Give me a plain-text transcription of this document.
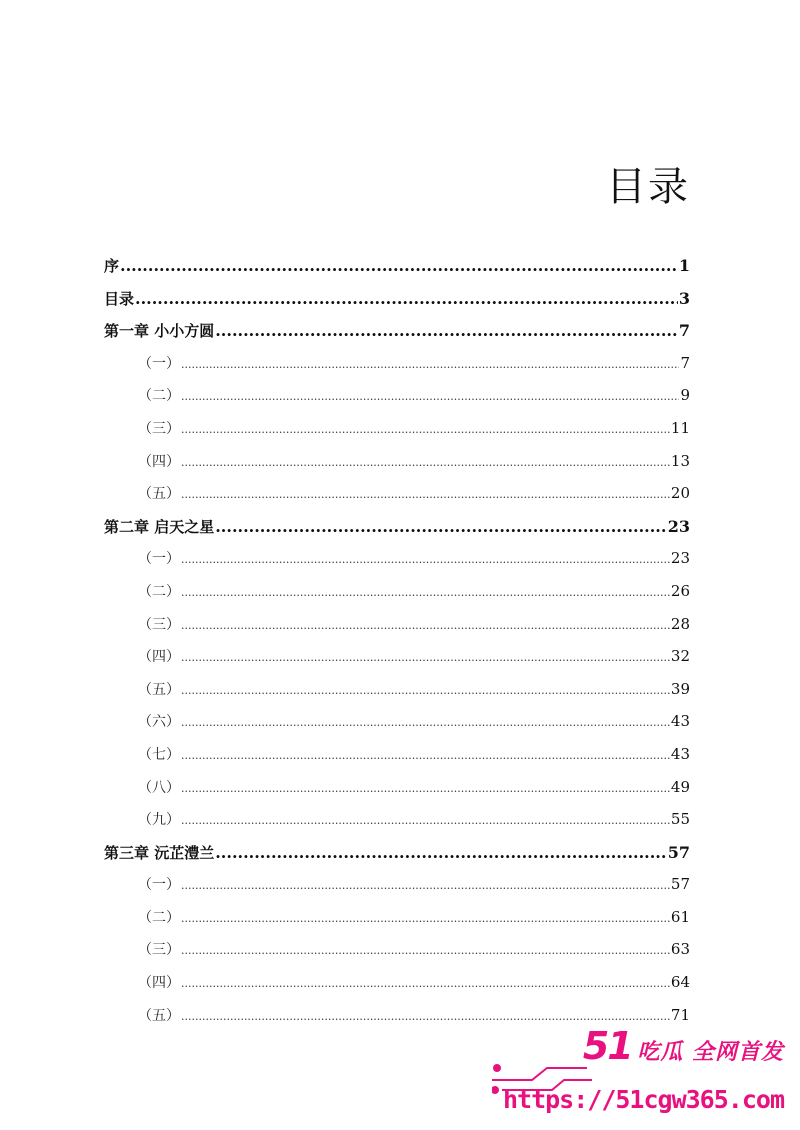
目录
序 .....	1
目录 .....	3
第一章 小小方圆 .....	7
（一） .....	7
（二） .....	9
（三） .....	11
（四） .....	13
（五） .....	20
第二章 启天之星 .....	23
（一） .....	23
（二） .....	26
（三） .....	28
（四） .....	32
（五） .....	39
（六） .....	43
（七） .....	43
（八） .....	49
（九） .....	55
第三章 沅芷澧兰 .....	57
（一） .....	57
（二） .....	61
（三） .....	63
（四） .....	64
（五） .....	71
51 吃瓜 全网首发
https://51cgw365.com
